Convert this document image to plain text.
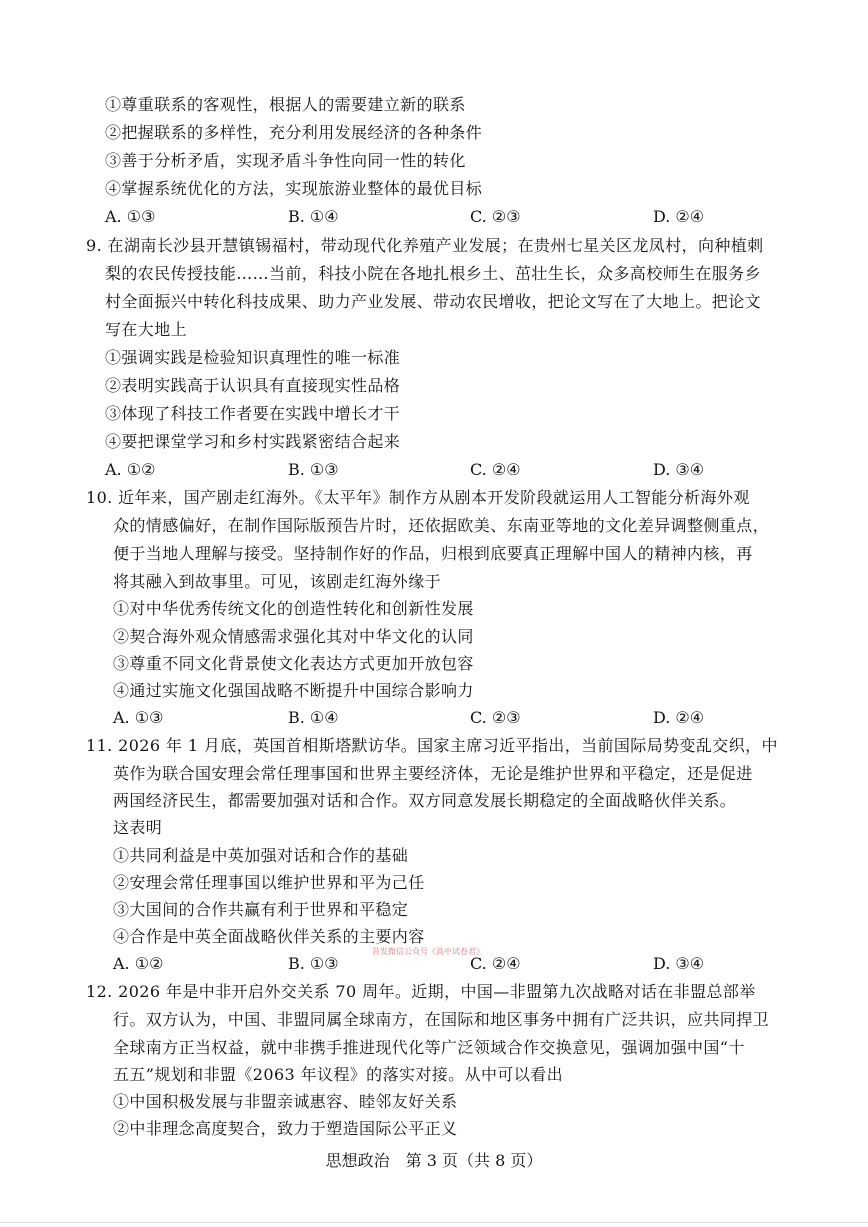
①尊重联系的客观性，根据人的需要建立新的联系
②把握联系的多样性，充分利用发展经济的各种条件
③善于分析矛盾，实现矛盾斗争性向同一性的转化
④掌握系统优化的方法，实现旅游业整体的最优目标
A. ①③	B. ①④	C. ②③	D. ②④
9. 在湖南长沙县开慧镇锡福村，带动现代化养殖产业发展；在贵州七星关区龙凤村，向种植刺
梨的农民传授技能……当前，科技小院在各地扎根乡土、茁壮生长，众多高校师生在服务乡
村全面振兴中转化科技成果、助力产业发展、带动农民增收，把论文写在了大地上。把论文
写在大地上
①强调实践是检验知识真理性的唯一标准
②表明实践高于认识具有直接现实性品格
③体现了科技工作者要在实践中增长才干
④要把课堂学习和乡村实践紧密结合起来
A. ①②	B. ①③	C. ②④	D. ③④
10. 近年来，国产剧走红海外。《太平年》制作方从剧本开发阶段就运用人工智能分析海外观
众的情感偏好，在制作国际版预告片时，还依据欧美、东南亚等地的文化差异调整侧重点，
便于当地人理解与接受。坚持制作好的作品，归根到底要真正理解中国人的精神内核，再
将其融入到故事里。可见，该剧走红海外缘于
①对中华优秀传统文化的创造性转化和创新性发展
②契合海外观众情感需求强化其对中华文化的认同
③尊重不同文化背景使文化表达方式更加开放包容
④通过实施文化强国战略不断提升中国综合影响力
A. ①③	B. ①④	C. ②③	D. ②④
11. 2026 年 1 月底，英国首相斯塔默访华。国家主席习近平指出，当前国际局势变乱交织，中
英作为联合国安理会常任理事国和世界主要经济体，无论是维护世界和平稳定，还是促进
两国经济民生，都需要加强对话和合作。双方同意发展长期稳定的全面战略伙伴关系。
这表明
①共同利益是中英加强对话和合作的基础
②安理会常任理事国以维护世界和平为己任
③大国间的合作共赢有利于世界和平稳定
④合作是中英全面战略伙伴关系的主要内容
A. ①②	B. ①③	C. ②④	D. ③④
首发微信公众号《高中试卷君》
12. 2026 年是中非开启外交关系 70 周年。近期，中国—非盟第九次战略对话在非盟总部举
行。双方认为，中国、非盟同属全球南方，在国际和地区事务中拥有广泛共识，应共同捍卫
全球南方正当权益，就中非携手推进现代化等广泛领域合作交换意见，强调加强中国“十
五五”规划和非盟《2063 年议程》的落实对接。从中可以看出
①中国积极发展与非盟亲诚惠容、睦邻友好关系
②中非理念高度契合，致力于塑造国际公平正义
思想政治　第 3 页（共 8 页）
